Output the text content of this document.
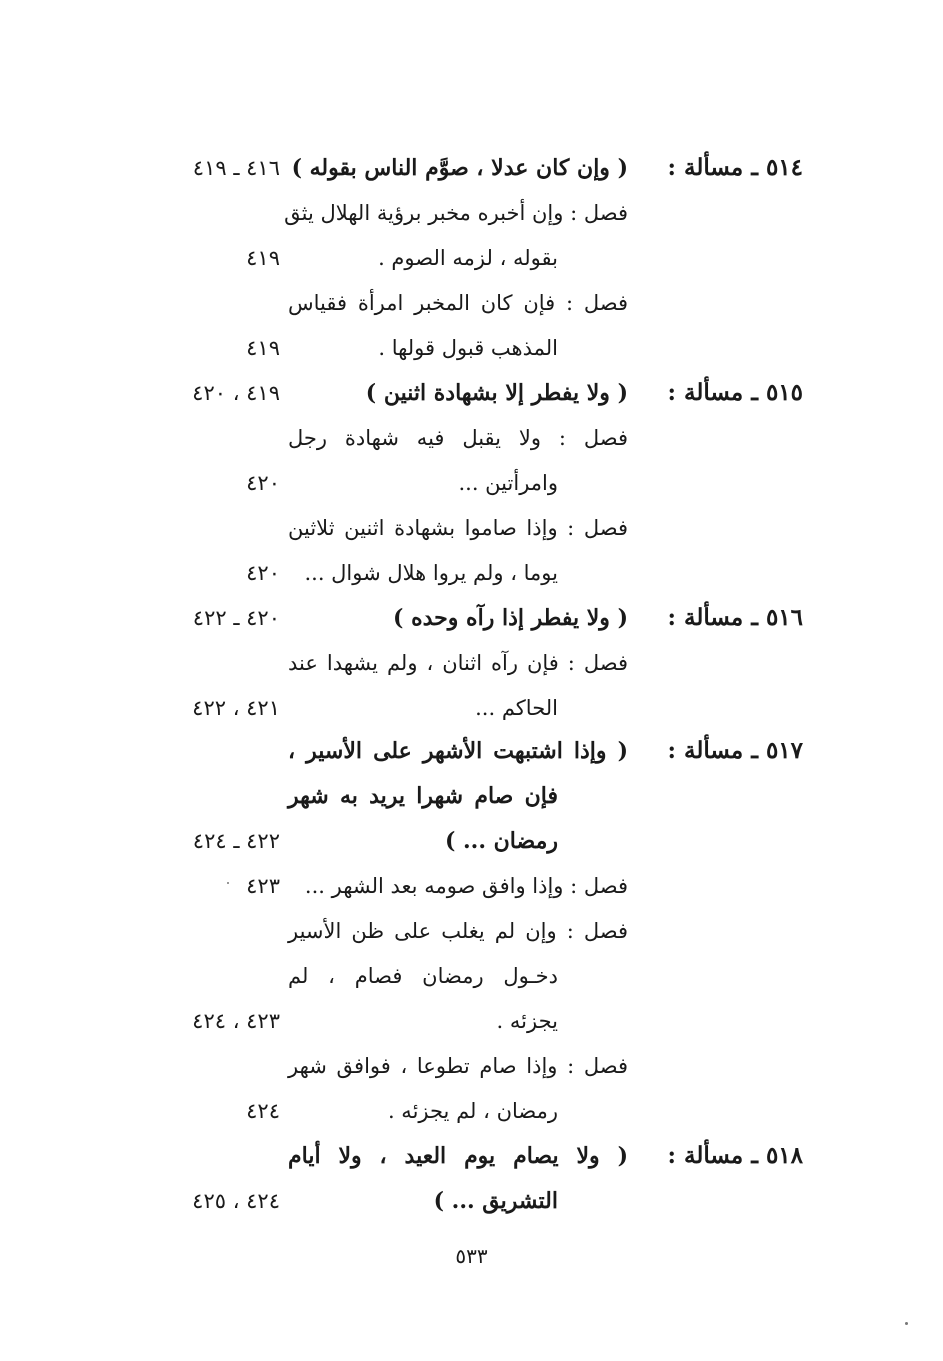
٥١٤ ـ مسألة :
( وإن كان عدلا ، صوَّم الناس بقوله )
٤١٦ ـ ٤١٩
فصل : وإن أخبره مخبر برؤية الهلال يثق
بقوله ، لزمه الصوم .
٤١٩
فصل : فإن كان المخبر امرأة فقياس
المذهب قبول قولها .
٤١٩
٥١٥ ـ مسألة :
( ولا يفطر إلا بشهادة اثنين )
٤١٩ ، ٤٢٠
فصل : ولا يقبل فيه شهادة رجل
وامرأتين ...
٤٢٠
فصل : وإذا صاموا بشهادة اثنين ثلاثين
يوما ، ولم يروا هلال شوال ...
٤٢٠
٥١٦ ـ مسألة :
( ولا يفطر إذا رآه وحده )
٤٢٠ ـ ٤٢٢
فصل : فإن رآه اثنان ، ولم يشهدا عند
الحاكم ...
٤٢١ ، ٤٢٢
٥١٧ ـ مسألة :
( وإذا اشتبهت الأشهر على الأسير ،
فإن صام شهرا يريد به شهر
رمضان ... )
٤٢٢ ـ ٤٢٤
فصل : وإذا وافق صومه بعد الشهر ...
٤٢٣
فصل : وإن لم يغلب على ظن الأسير
دخـول رمضان فصام ، لم
يجزئه .
٤٢٣ ، ٤٢٤
فصل : وإذا صام تطوعا ، فوافق شهر
رمضان ، لم يجزئه .
٤٢٤
٥١٨ ـ مسألة :
( ولا يصام يوم العيد ، ولا أيام
التشريق ... )
٤٢٤ ، ٤٢٥
٥٣٣
